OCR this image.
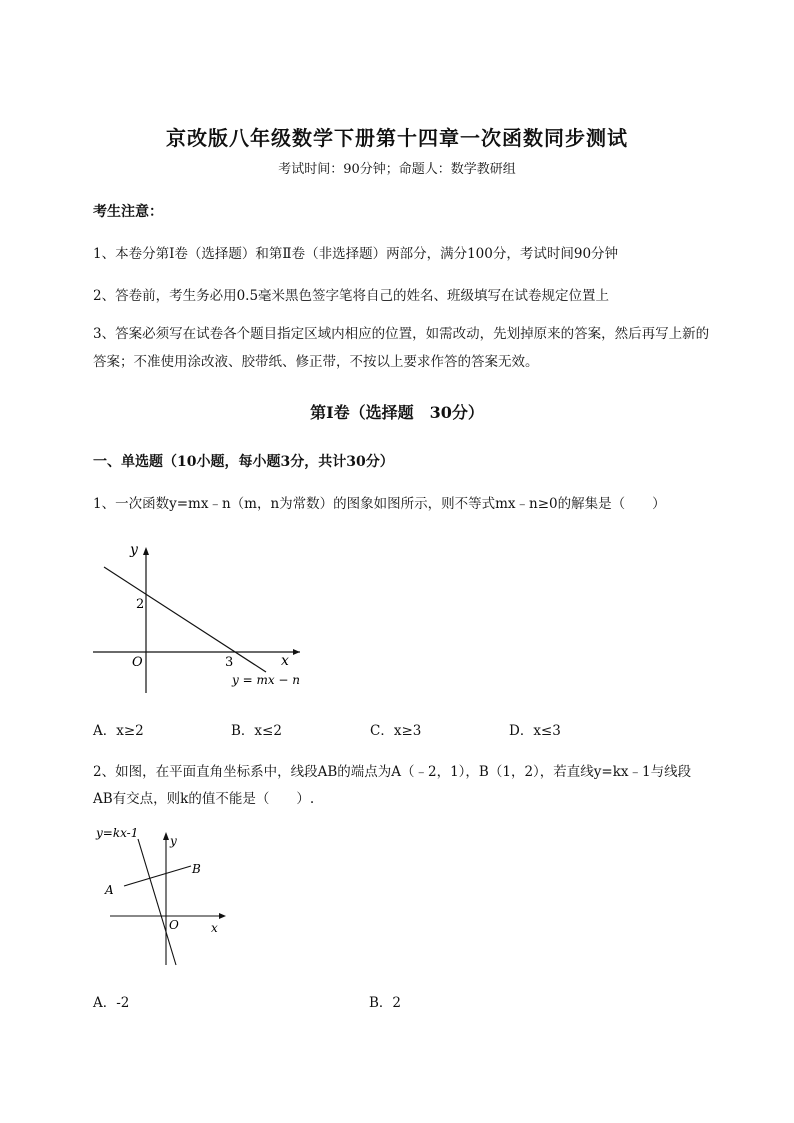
京改版八年级数学下册第十四章一次函数同步测试
考试时间：90分钟；命题人：数学教研组
考生注意：
1、本卷分第Ⅰ卷（选择题）和第Ⅱ卷（非选择题）两部分，满分100分，考试时间90分钟
2、答卷前，考生务必用0.5毫米黑色签字笔将自己的姓名、班级填写在试卷规定位置上
3、答案必须写在试卷各个题目指定区域内相应的位置，如需改动，先划掉原来的答案，然后再写上新的答案；不准使用涂改液、胶带纸、修正带，不按以上要求作答的答案无效。
第Ⅰ卷（选择题　30分）
一、单选题（10小题，每小题3分，共计30分）
1、一次函数y=mx﹣n（m，n为常数）的图象如图所示，则不等式mx﹣n≥0的解集是（　　）
y
x
O
2
3
y = mx − n
A．x≥2	B．x≤2	C．x≥3	D．x≤3
2、如图，在平面直角坐标系中，线段AB的端点为A（﹣2，1），B（1，2），若直线y=kx﹣1与线段
AB有交点，则k的值不能是（　　）.
y=kx-1
y
x
O
A
B
A．-2	B．2
